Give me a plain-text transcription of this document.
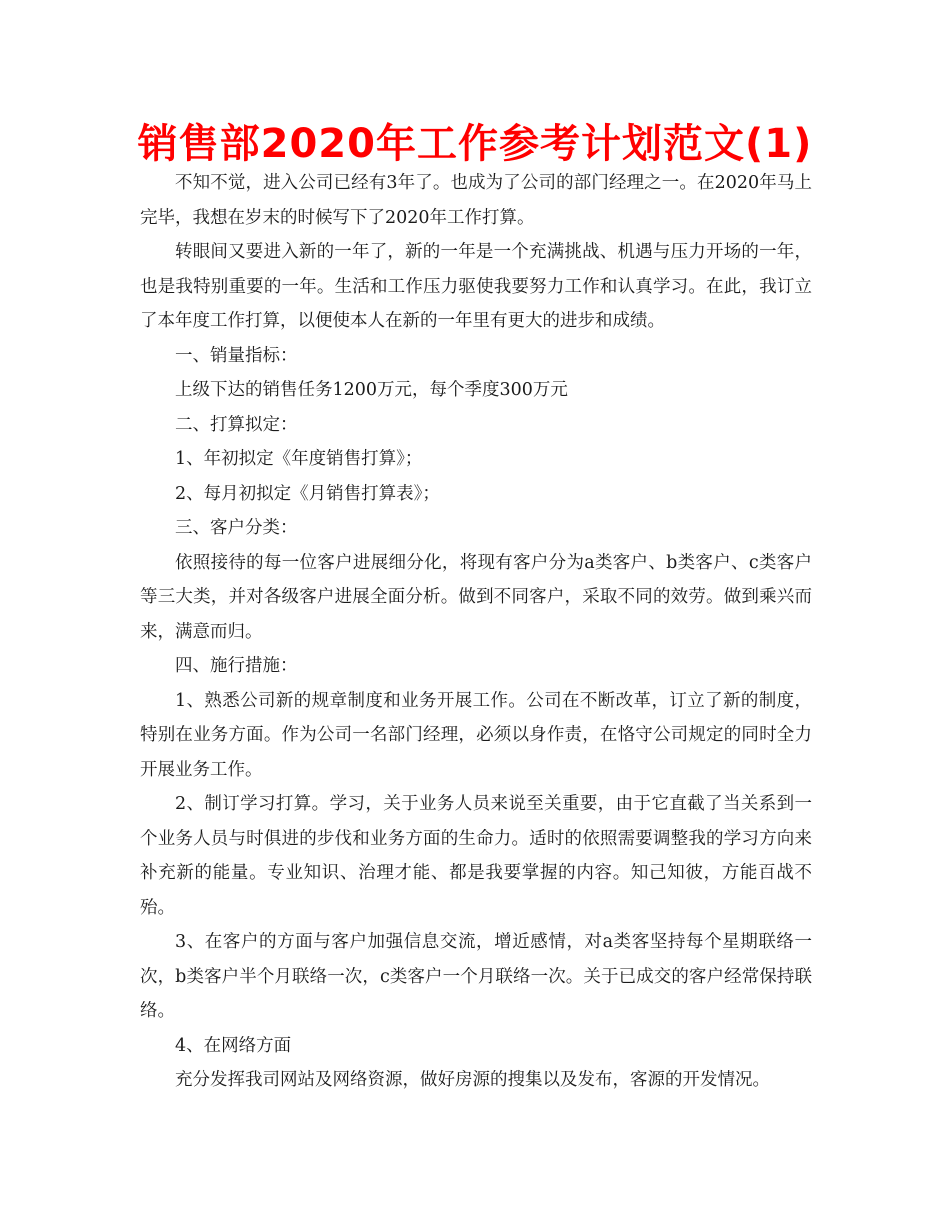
销售部2020年工作参考计划范文(1)

不知不觉，进入公司已经有3年了。也成为了公司的部门经理之一。在2020年马上完毕，我想在岁末的时候写下了2020年工作打算。

转眼间又要进入新的一年了，新的一年是一个充满挑战、机遇与压力开场的一年，也是我特别重要的一年。生活和工作压力驱使我要努力工作和认真学习。在此，我订立了本年度工作打算，以便使本人在新的一年里有更大的进步和成绩。

一、销量指标：

上级下达的销售任务1200万元，每个季度300万元

二、打算拟定：

1、年初拟定《年度销售打算》；

2、每月初拟定《月销售打算表》；

三、客户分类：

依照接待的每一位客户进展细分化，将现有客户分为a类客户、b类客户、c类客户等三大类，并对各级客户进展全面分析。做到不同客户，采取不同的效劳。做到乘兴而来，满意而归。

四、施行措施：

1、熟悉公司新的规章制度和业务开展工作。公司在不断改革，订立了新的制度，特别在业务方面。作为公司一名部门经理，必须以身作责，在恪守公司规定的同时全力开展业务工作。

2、制订学习打算。学习，关于业务人员来说至关重要，由于它直截了当关系到一个业务人员与时俱进的步伐和业务方面的生命力。适时的依照需要调整我的学习方向来补充新的能量。专业知识、治理才能、都是我要掌握的内容。知己知彼，方能百战不殆。

3、在客户的方面与客户加强信息交流，增近感情，对a类客坚持每个星期联络一次，b类客户半个月联络一次，c类客户一个月联络一次。关于已成交的客户经常保持联络。

4、在网络方面

充分发挥我司网站及网络资源，做好房源的搜集以及发布，客源的开发情况。
